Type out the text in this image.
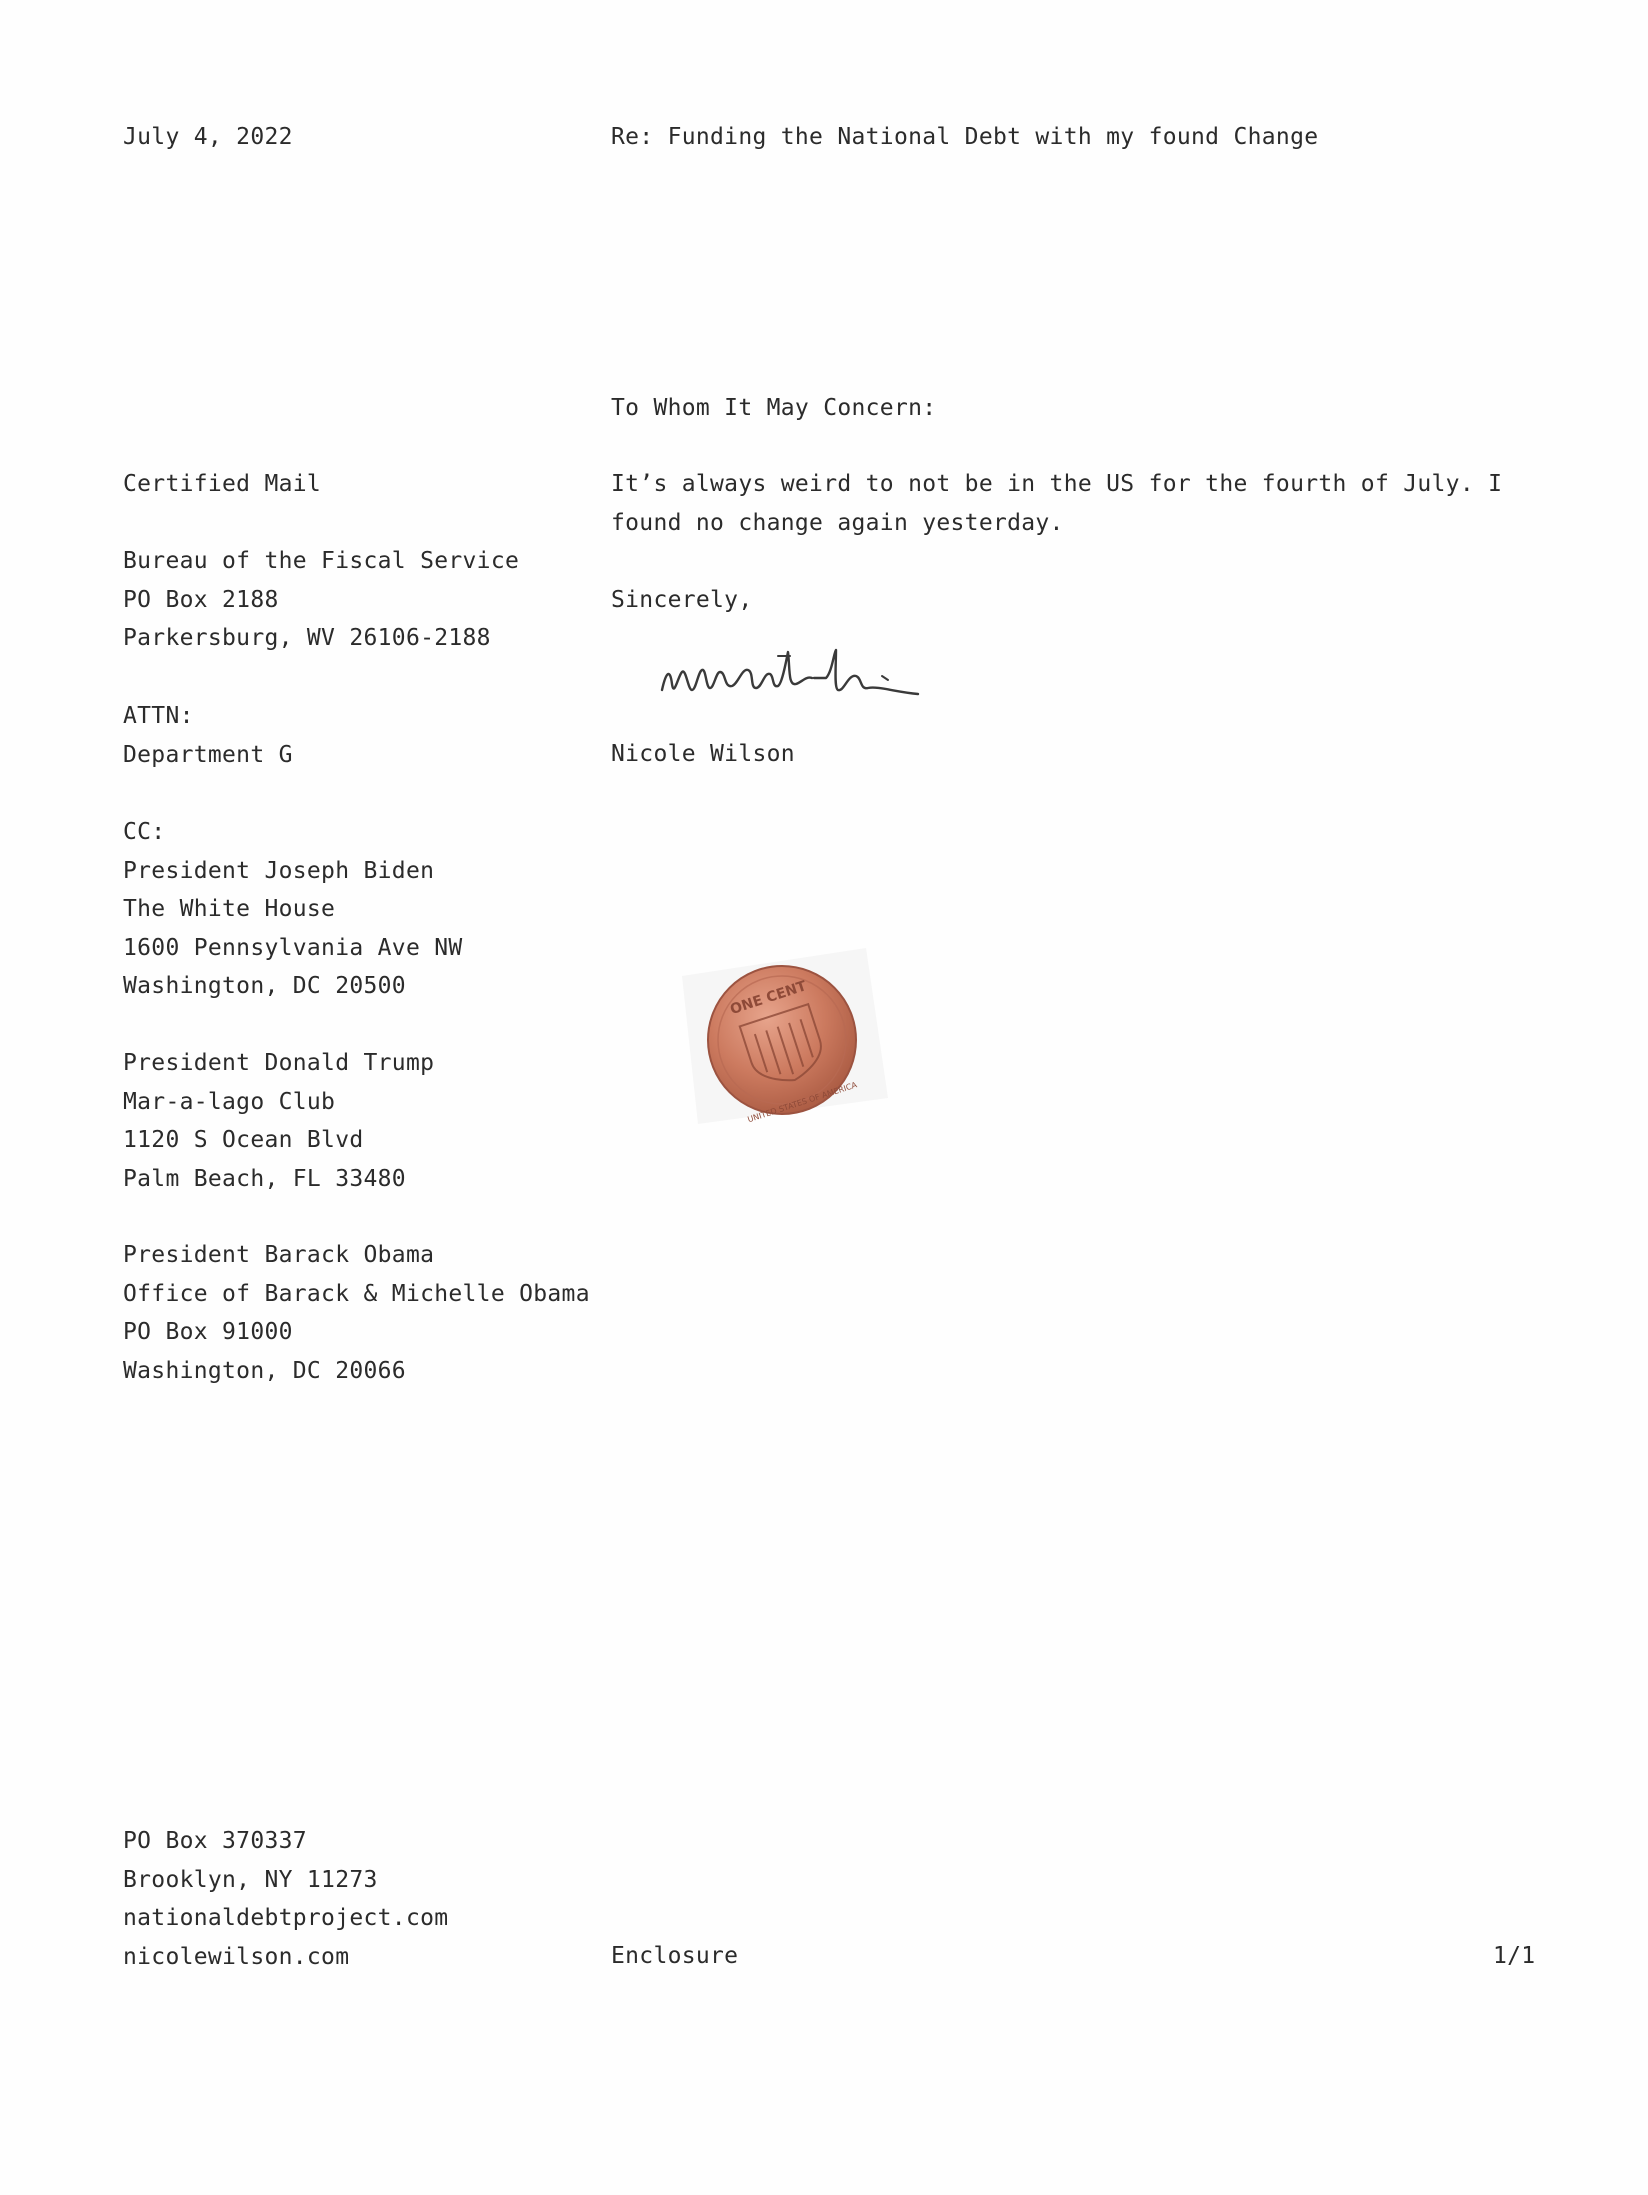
July 4, 2022	Re: Funding the National Debt with my found Change
To Whom It May Concern:
Certified Mail
Bureau of the Fiscal Service
PO Box 2188
Parkersburg, WV 26106-2188
ATTN:
Department G
CC:
President Joseph Biden
The White House
1600 Pennsylvania Ave NW
Washington, DC 20500
President Donald Trump
Mar-a-lago Club
1120 S Ocean Blvd
Palm Beach, FL 33480
President Barack Obama
Office of Barack & Michelle Obama
PO Box 91000
Washington, DC 20066
It’s always weird to not be in the US for the fourth of July. I
found no change again yesterday.
Sincerely,
Nicole Wilson
ONE CENT
UNITED STATES OF AMERICA
PO Box 370337
Brooklyn, NY 11273
nationaldebtproject.com
nicolewilson.com	Enclosure	1/1
